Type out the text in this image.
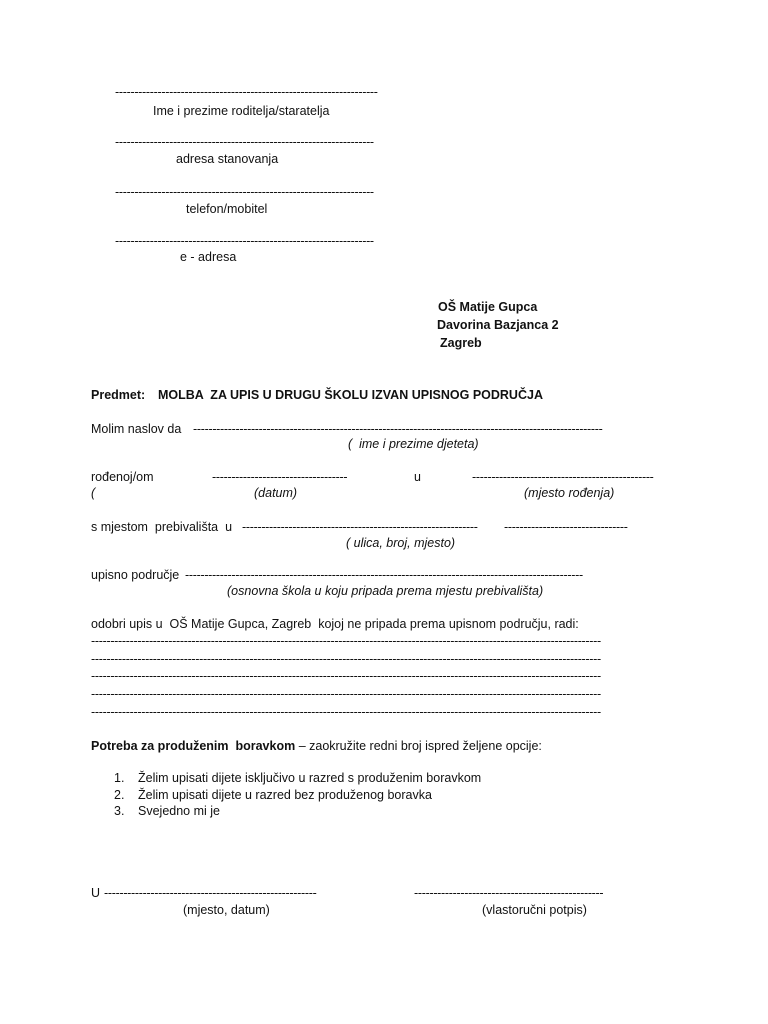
--------------------------------------------------------------------
Ime i prezime roditelja/staratelja
-------------------------------------------------------------------
adresa stanovanja
-------------------------------------------------------------------
telefon/mobitel
-------------------------------------------------------------------
e - adresa
OŠ Matije Gupca
Davorina Bazjanca 2
Zagreb
Predmet: MOLBA  ZA UPIS U DRUGU ŠKOLU IZVAN UPISNOG PODRUČJA
Molim naslov da ----------------------------------------------------------------------------------------------------------
(  ime i prezime djeteta)
rođenoj/om	-----------------------------------	u	-----------------------------------------------
(	(datum)	(mjesto rođenja)
s mjestom  prebivališta  u ------------------------------------------------------------- --------------------------------
( ulica, broj, mjesto)
upisno područje -------------------------------------------------------------------------------------------------------
(osnovna škola u koju pripada prema mjestu prebivališta)
odobri upis u  OŠ Matije Gupca, Zagreb  kojoj ne pripada prema upisnom području, radi:
------------------------------------------------------------------------------------------------------------------------------------
------------------------------------------------------------------------------------------------------------------------------------
------------------------------------------------------------------------------------------------------------------------------------
------------------------------------------------------------------------------------------------------------------------------------
------------------------------------------------------------------------------------------------------------------------------------
Potreba za produženim  boravkom – zaokružite redni broj ispred željene opcije:
1. Želim upisati dijete isključivo u razred s produženim boravkom
2. Želim upisati dijete u razred bez produženog boravka
3. Svejedno mi je
U -------------------------------------------------------
(mjesto, datum)
-------------------------------------------------
(vlastoručni potpis)
